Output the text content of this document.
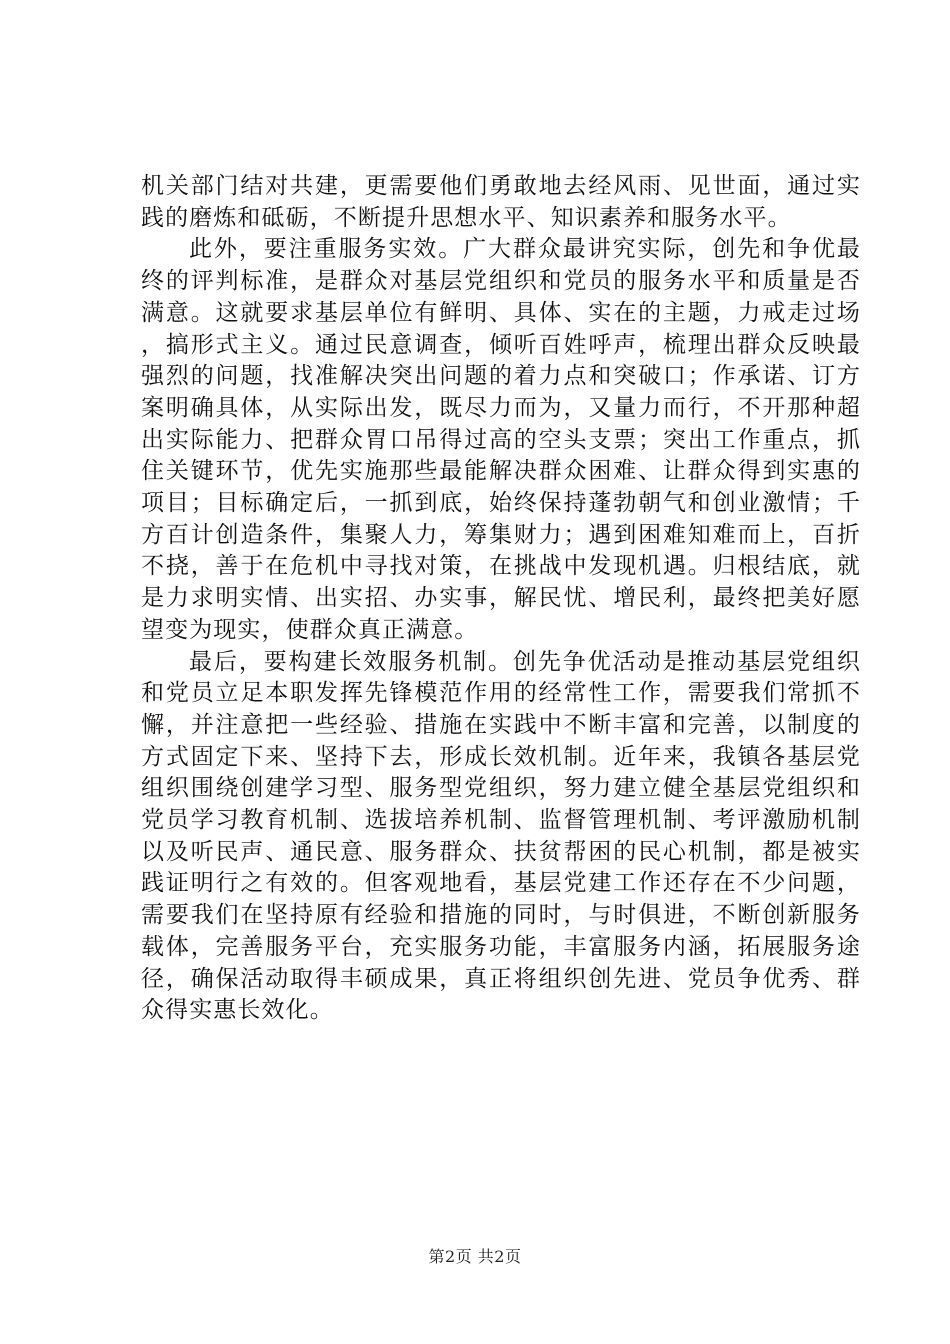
机关部门结对共建，更需要他们勇敢地去经风雨、见世面，通过实践的磨炼和砥砺，不断提升思想水平、知识素养和服务水平。

此外，要注重服务实效。广大群众最讲究实际，创先和争优最终的评判标准，是群众对基层党组织和党员的服务水平和质量是否满意。这就要求基层单位有鲜明、具体、实在的主题，力戒走过场，搞形式主义。通过民意调查，倾听百姓呼声，梳理出群众反映最强烈的问题，找准解决突出问题的着力点和突破口；作承诺、订方案明确具体，从实际出发，既尽力而为，又量力而行，不开那种超出实际能力、把群众胃口吊得过高的空头支票；突出工作重点，抓住关键环节，优先实施那些最能解决群众困难、让群众得到实惠的项目；目标确定后，一抓到底，始终保持蓬勃朝气和创业激情；千方百计创造条件，集聚人力，筹集财力；遇到困难知难而上，百折不挠，善于在危机中寻找对策，在挑战中发现机遇。归根结底，就是力求明实情、出实招、办实事，解民忧、增民利，最终把美好愿望变为现实，使群众真正满意。

最后，要构建长效服务机制。创先争优活动是推动基层党组织和党员立足本职发挥先锋模范作用的经常性工作，需要我们常抓不懈，并注意把一些经验、措施在实践中不断丰富和完善，以制度的方式固定下来、坚持下去，形成长效机制。近年来，我镇各基层党组织围绕创建学习型、服务型党组织，努力建立健全基层党组织和党员学习教育机制、选拔培养机制、监督管理机制、考评激励机制以及听民声、通民意、服务群众、扶贫帮困的民心机制，都是被实践证明行之有效的。但客观地看，基层党建工作还存在不少问题，需要我们在坚持原有经验和措施的同时，与时俱进，不断创新服务载体，完善服务平台，充实服务功能，丰富服务内涵，拓展服务途径，确保活动取得丰硕成果，真正将组织创先进、党员争优秀、群众得实惠长效化。

第2页 共2页
